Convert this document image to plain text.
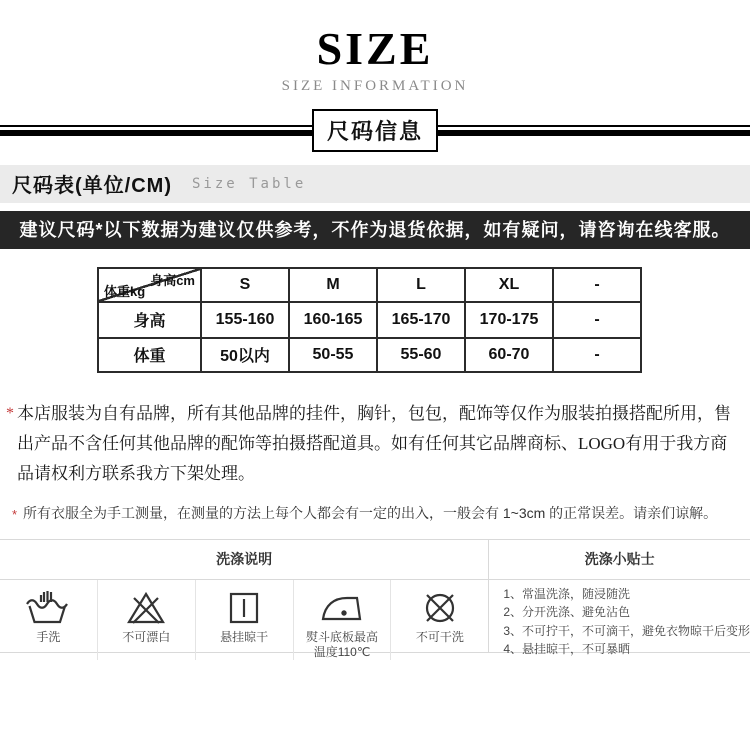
SIZE
SIZE INFORMATION
尺码信息
尺码表(单位/CM) Size Table
建议尺码*以下数据为建议仅供参考，不作为退货依据，如有疑问，请咨询在线客服。
身高cm
体重kg	S	M	L	XL	-
身高	155-160	160-165	165-170	170-175	-
体重	50以内	50-55	55-60	60-70	-
* 本店服装为自有品牌，所有其他品牌的挂件，胸针，包包，配饰等仅作为服装拍摄搭配所用，售出产品不含任何其他品牌的配饰等拍摄搭配道具。如有任何其它品牌商标、LOGO有用于我方商品请权利方联系我方下架处理。
* 所有衣服全为手工测量，在测量的方法上每个人都会有一定的出入，一般会有 1~3cm 的正常误差。请亲们谅解。
洗涤说明
手洗	不可漂白	悬挂晾干	熨斗底板最高温度110℃
不可干洗
洗涤小贴士
1、常温洗涤，随浸随洗
2、分开洗涤、避免沾色
3、不可拧干，不可滴干，避免衣物晾干后变形
4、悬挂晾干，不可暴晒
